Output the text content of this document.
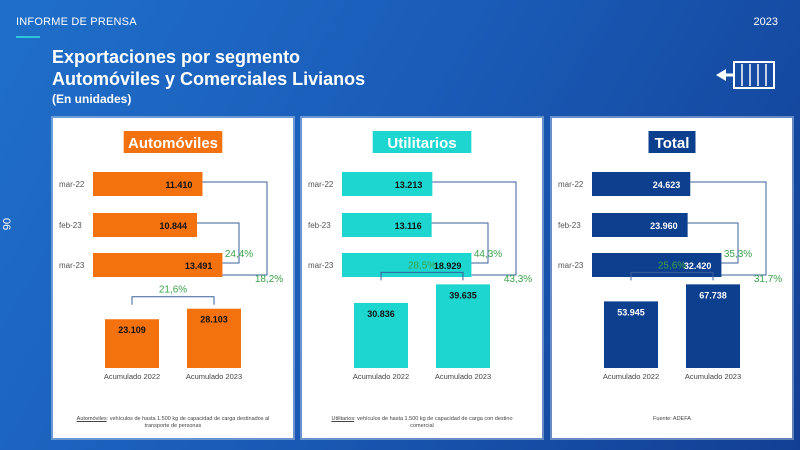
INFORME DE PRENSA	2023
Exportaciones por segmento
Automóviles y Comerciales Livianos
(En unidades)
06
Automóviles
mar-22	11.410
feb-23	10.844
mar-23	13.491
24,4%
18,2%
23.109
Acumulado 2022
28.103
Acumulado 2023
21,6%
Automóviles: vehículos de hasta 1.500 kg de capacidad de carga destinados al transporte de personas
Utilitarios
mar-22	13.213
feb-23	13.116
mar-23	18.929
44,3%
43,3%
30.836
Acumulado 2022
39.635
Acumulado 2023
28,5%
Utilitarios: vehículos de hasta 1.500 kg de capacidad de carga con destino comercial
Total
mar-22	24.623
feb-23	23.960
mar-23	32.420
35,3%
31,7%
53.945
Acumulado 2022
67.738
Acumulado 2023
25,6%
Fuente: ADEFA
